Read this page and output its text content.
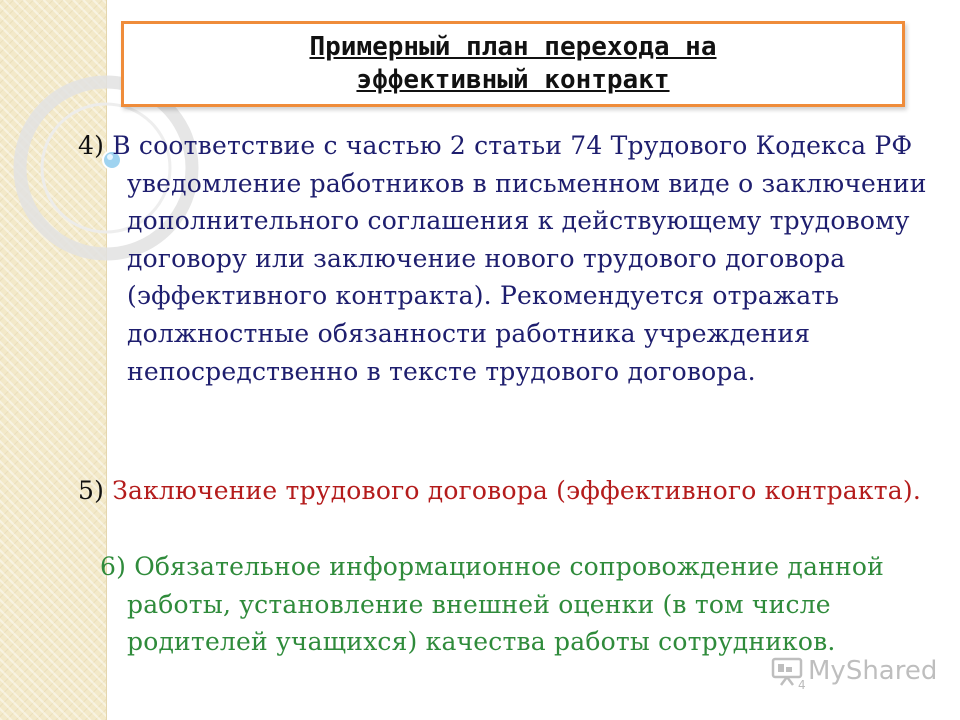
Примерный план перехода на
эффективный контракт

4) В соответствие с частью 2 статьи 74 Трудового Кодекса РФ уведомление работников в письменном виде о заключении дополнительного соглашения к действующему трудовому договору или заключение нового трудового договора (эффективного контракта). Рекомендуется отражать должностные обязанности работника учреждения непосредственно в тексте трудового договора.

5) Заключение трудового договора (эффективного контракта).

6) Обязательное информационное сопровождение данной работы, установление внешней оценки (в том числе родителей учащихся) качества работы сотрудников.

4 MyShared
